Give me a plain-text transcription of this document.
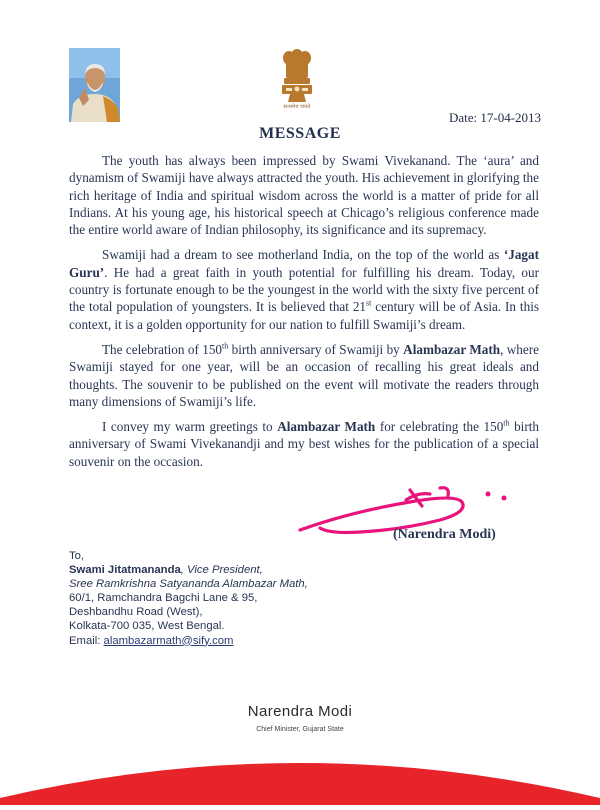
सत्यमेव जयते
Date: 17-04-2013
MESSAGE

The youth has always been impressed by Swami Vivekanand. The ‘aura’ and dynamism of Swamiji have always attracted the youth. His achievement in glorifying the rich heritage of India and spiritual wisdom across the world is a matter of pride for all Indians. At his young age, his historical speech at Chicago’s religious conference made the entire world aware of Indian philosophy, its significance and its supremacy.

Swamiji had a dream to see motherland India, on the top of the world as ‘Jagat Guru’. He had a great faith in youth potential for fulfilling his dream. Today, our country is fortunate enough to be the youngest in the world with the sixty five percent of the total population of youngsters. It is believed that 21st century will be of Asia. In this context, it is a golden opportunity for our nation to fulfill Swamiji’s dream.

The celebration of 150th birth anniversary of Swamiji by Alambazar Math, where Swamiji stayed for one year, will be an occasion of recalling his great ideals and thoughts. The souvenir to be published on the event will motivate the readers through many dimensions of Swamiji’s life.

I convey my warm greetings to Alambazar Math for celebrating the 150th birth anniversary of Swami Vivekanandji and my best wishes for the publication of a special souvenir on the occasion.

(Narendra Modi)
To,
Swami Jitatmananda, Vice President,
Sree Ramkrishna Satyananda Alambazar Math,
60/1, Ramchandra Bagchi Lane & 95,
Deshbandhu Road (West),
Kolkata-700 035, West Bengal.
Email: alambazarmath@sify.com
Narendra Modi
Chief Minister, Gujarat State
